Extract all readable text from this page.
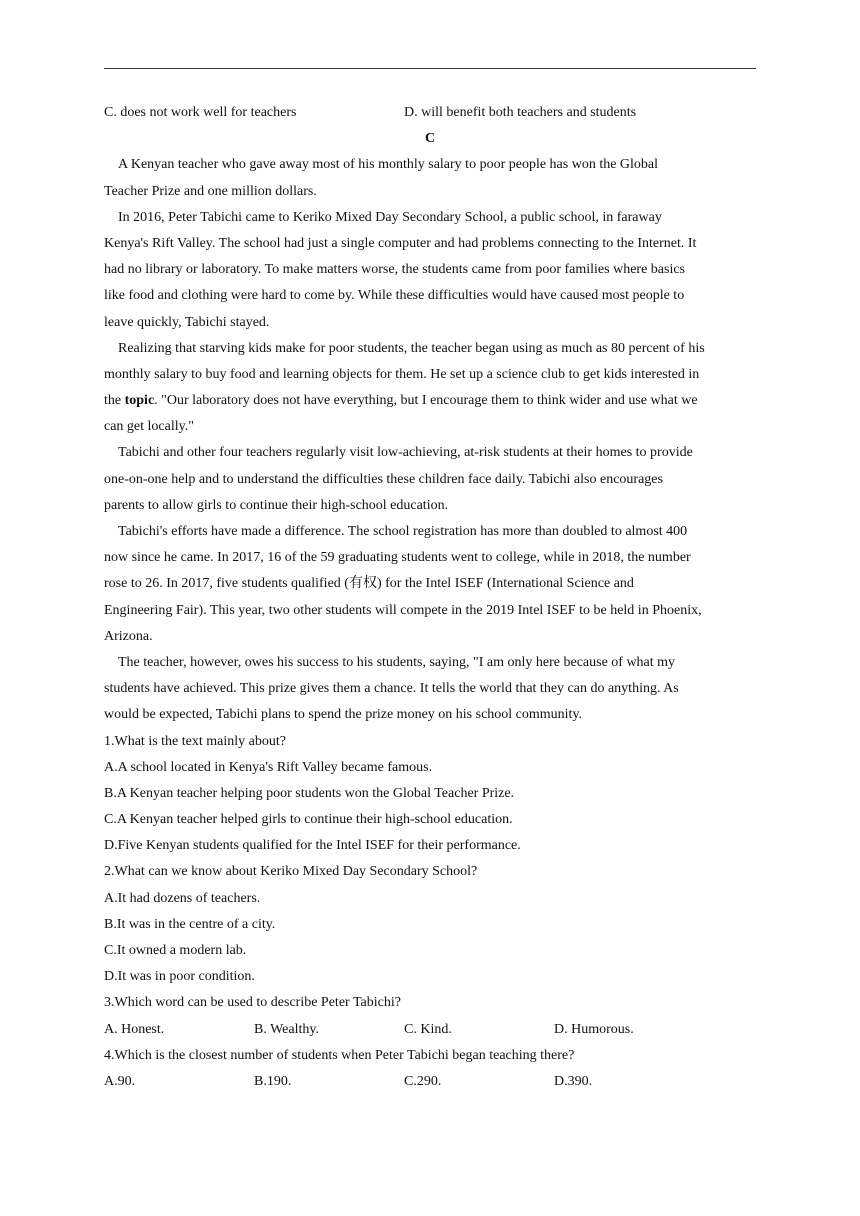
C. does not work well for teachers	D. will benefit both teachers and students
C
A Kenyan teacher who gave away most of his monthly salary to poor people has won the Global
Teacher Prize and one million dollars.
In 2016, Peter Tabichi came to Keriko Mixed Day Secondary School, a public school, in faraway
Kenya's Rift Valley. The school had just a single computer and had problems connecting to the Internet. It
had no library or laboratory. To make matters worse, the students came from poor families where basics
like food and clothing were hard to come by. While these difficulties would have caused most people to
leave quickly, Tabichi stayed.
Realizing that starving kids make for poor students, the teacher began using as much as 80 percent of his
monthly salary to buy food and learning objects for them. He set up a science club to get kids interested in
the topic. "Our laboratory does not have everything, but I encourage them to think wider and use what we
can get locally."
Tabichi and other four teachers regularly visit low-achieving, at-risk students at their homes to provide
one-on-one help and to understand the difficulties these children face daily. Tabichi also encourages
parents to allow girls to continue their high-school education.
Tabichi's efforts have made a difference. The school registration has more than doubled to almost 400
now since he came. In 2017, 16 of the 59 graduating students went to college, while in 2018, the number
rose to 26. In 2017, five students qualified (有权) for the Intel ISEF (International Science and
Engineering Fair). This year, two other students will compete in the 2019 Intel ISEF to be held in Phoenix,
Arizona.
The teacher, however, owes his success to his students, saying, "I am only here because of what my
students have achieved. This prize gives them a chance. It tells the world that they can do anything. As
would be expected, Tabichi plans to spend the prize money on his school community.
1.What is the text mainly about?
A.A school located in Kenya's Rift Valley became famous.
B.A Kenyan teacher helping poor students won the Global Teacher Prize.
C.A Kenyan teacher helped girls to continue their high-school education.
D.Five Kenyan students qualified for the Intel ISEF for their performance.
2.What can we know about Keriko Mixed Day Secondary School?
A.It had dozens of teachers.
B.It was in the centre of a city.
C.It owned a modern lab.
D.It was in poor condition.
3.Which word can be used to describe Peter Tabichi?
A. Honest.	B. Wealthy.	C. Kind.	D. Humorous.
4.Which is the closest number of students when Peter Tabichi began teaching there?
A.90.	B.190.	C.290.	D.390.
